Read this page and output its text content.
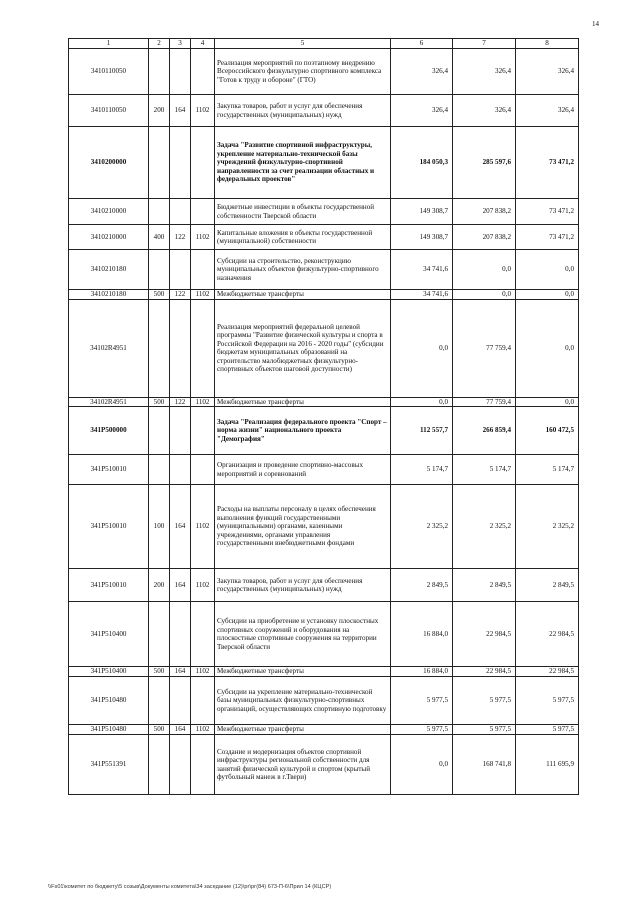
14
1	2	3	4	5	6	7	8
3410110050				Реализация мероприятий по поэтапному внедрению Всероссийского физкультурно спортивного комплекса "Готов к труду и обороне" (ГТО)	326,4	326,4	326,4
3410110050	200	164	1102	Закупка товаров, работ и услуг для обеспечения государственных (муниципальных) нужд	326,4	326,4	326,4
3410200000				Задача "Развитие спортивной инфраструктуры, укрепление материально-технической базы учреждений физкультурно-спортивной направленности за счет реализации областных и федеральных проектов"	184 050,3	285 597,6	73 471,2
3410210000				Бюджетные инвестиции в объекты государственной собственности Тверской области	149 308,7	207 838,2	73 471,2
3410210000	400	122	1102	Капитальные вложения в объекты государственной (муниципальной) собственности	149 308,7	207 838,2	73 471,2
3410210180				Субсидии на строительство, реконструкцию муниципальных объектов физкультурно-спортивного назначения	34 741,6	0,0	0,0
3410210180	500	122	1102	Межбюджетные трансферты	34 741,6	0,0	0,0
34102R4951				Реализация мероприятий федеральной целевой программы "Развитие физической культуры и спорта в Российской Федерации на 2016 - 2020 годы" (субсидии бюджетам муниципальных образований на строительство малобюджетных физкультурно-спортивных объектов шаговой доступности)	0,0	77 759,4	0,0
34102R4951	500	122	1102	Межбюджетные трансферты	0,0	77 759,4	0,0
341P500000				Задача "Реализация федерального проекта "Спорт – норма жизни" национального проекта "Демография"	112 557,7	266 859,4	160 472,5
341P510010				Организация и проведение спортивно-массовых мероприятий и соревнований	5 174,7	5 174,7	5 174,7
341P510010	100	164	1102	Расходы на выплаты персоналу в целях обеспечения выполнения функций государственными (муниципальными) органами, казенными учреждениями, органами управления государственными внебюджетными фондами	2 325,2	2 325,2	2 325,2
341P510010	200	164	1102	Закупка товаров, работ и услуг для обеспечения государственных (муниципальных) нужд	2 849,5	2 849,5	2 849,5
341P510400				Субсидии на приобретение и установку плоскостных спортивных сооружений и оборудования на плоскостные спортивные сооружения на территории Тверской области	16 884,0	22 984,5	22 984,5
341P510400	500	164	1102	Межбюджетные трансферты	16 884,0	22 984,5	22 984,5
341P510480				Субсидии на укрепление материально-технической базы муниципальных физкультурно-спортивных организаций, осуществляющих спортивную подготовку	5 977,5	5 977,5	5 977,5
341P510480	500	164	1102	Межбюджетные трансферты	5 977,5	5 977,5	5 977,5
341P551391				Создание и модернизация объектов спортивной инфраструктуры региональной собственности для занятий физической культурой и спортом (крытый футбольный манеж в г.Твери)	0,0	168 741,8	111 695,9
\\Fs01\комитет по бюджету\5 созыв\Документы комитета\34 заседание (12)\рг\рг(84) 673-П-6\Прил 14 (КЦСР)
